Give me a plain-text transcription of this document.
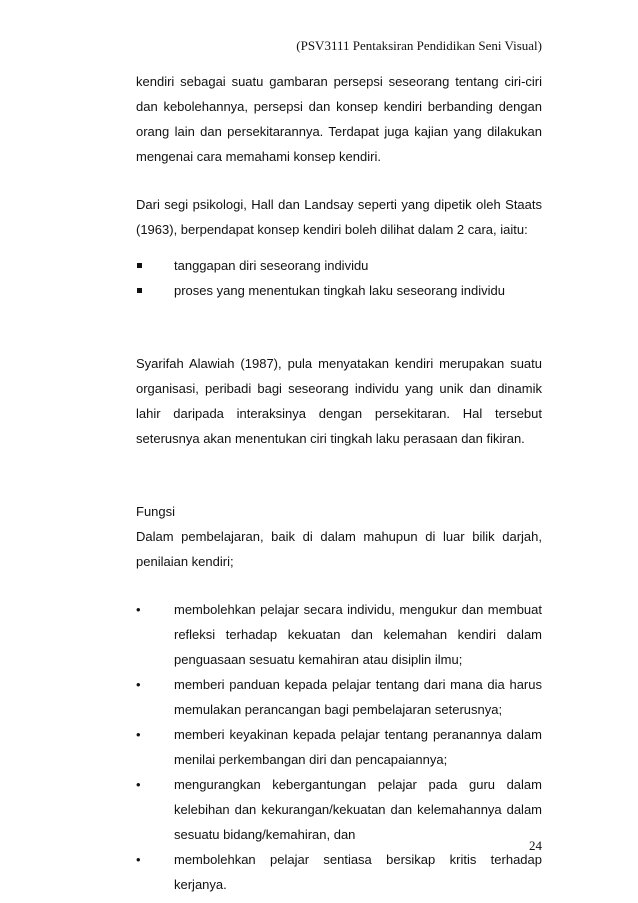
(PSV3111 Pentaksiran Pendidikan Seni Visual)

kendiri sebagai suatu gambaran persepsi seseorang tentang ciri-ciri dan kebolehannya, persepsi dan konsep kendiri berbanding dengan orang lain dan persekitarannya. Terdapat juga kajian yang dilakukan mengenai cara memahami konsep kendiri.

Dari segi psikologi, Hall dan Landsay seperti yang dipetik oleh Staats (1963), berpendapat konsep kendiri boleh dilihat dalam 2 cara, iaitu:

tanggapan diri seseorang individu
proses yang menentukan tingkah laku seseorang individu

Syarifah Alawiah (1987), pula menyatakan kendiri merupakan suatu organisasi, peribadi bagi seseorang individu yang unik dan dinamik lahir daripada interaksinya dengan persekitaran. Hal tersebut seterusnya akan menentukan ciri tingkah laku perasaan dan fikiran.

Fungsi

Dalam pembelajaran, baik di dalam mahupun di luar bilik darjah, penilaian kendiri;

•	membolehkan pelajar secara individu, mengukur dan membuat refleksi terhadap kekuatan dan kelemahan kendiri dalam penguasaan sesuatu kemahiran atau disiplin ilmu;
•	memberi panduan kepada pelajar tentang dari mana dia harus memulakan perancangan bagi pembelajaran seterusnya;
•	memberi keyakinan kepada pelajar tentang peranannya dalam menilai perkembangan diri dan pencapaiannya;
•	mengurangkan kebergantungan pelajar pada guru dalam kelebihan dan kekurangan/kekuatan dan kelemahannya dalam sesuatu bidang/kemahiran, dan
•	membolehkan pelajar sentiasa bersikap kritis terhadap kerjanya.
24
